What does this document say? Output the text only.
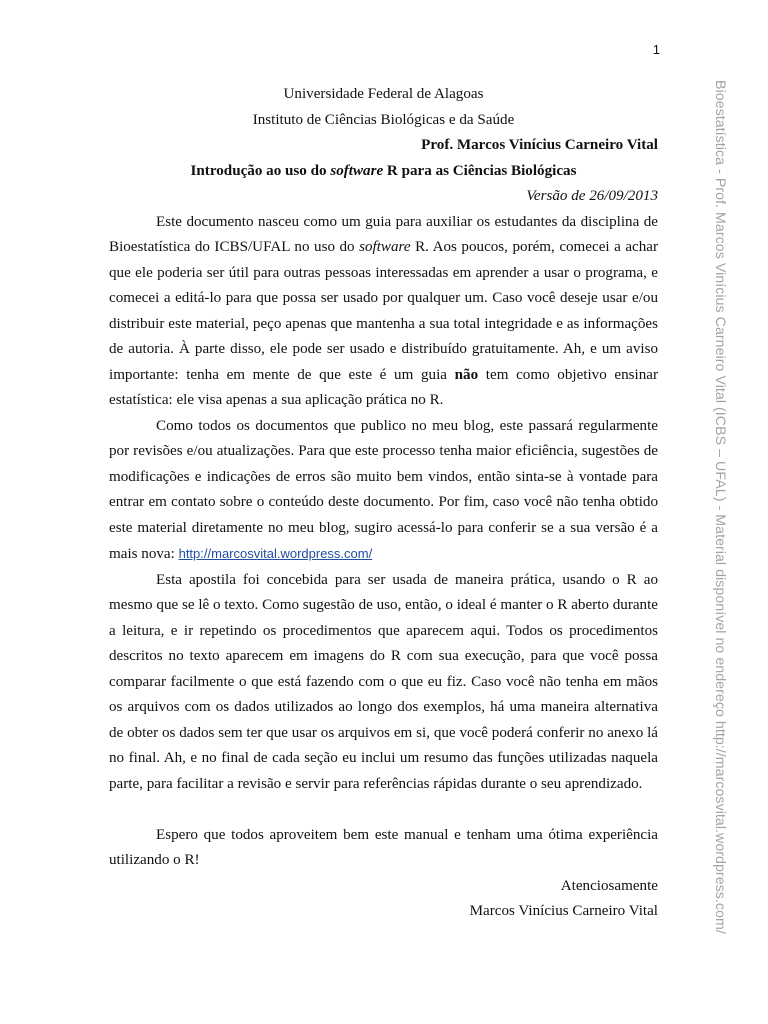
1

Universidade Federal de Alagoas

Instituto de Ciências Biológicas e da Saúde

Prof. Marcos Vinícius Carneiro Vital

Introdução ao uso do software R para as Ciências Biológicas

Versão de 26/09/2013

Este documento nasceu como um guia para auxiliar os estudantes da disciplina de Bioestatística do ICBS/UFAL no uso do software R. Aos poucos, porém, comecei a achar que ele poderia ser útil para outras pessoas interessadas em aprender a usar o programa, e comecei a editá-lo para que possa ser usado por qualquer um. Caso você deseje usar e/ou distribuir este material, peço apenas que mantenha a sua total integridade e as informações de autoria. À parte disso, ele pode ser usado e distribuído gratuitamente. Ah, e um aviso importante: tenha em mente de que este é um guia não tem como objetivo ensinar estatística: ele visa apenas a sua aplicação prática no R.

Como todos os documentos que publico no meu blog, este passará regularmente por revisões e/ou atualizações. Para que este processo tenha maior eficiência, sugestões de modificações e indicações de erros são muito bem vindos, então sinta-se à vontade para entrar em contato sobre o conteúdo deste documento. Por fim, caso você não tenha obtido este material diretamente no meu blog, sugiro acessá-lo para conferir se a sua versão é a mais nova: http://marcosvital.wordpress.com/

Esta apostila foi concebida para ser usada de maneira prática, usando o R ao mesmo que se lê o texto. Como sugestão de uso, então, o ideal é manter o R aberto durante a leitura, e ir repetindo os procedimentos que aparecem aqui. Todos os procedimentos descritos no texto aparecem em imagens do R com sua execução, para que você possa comparar facilmente o que está fazendo com o que eu fiz. Caso você não tenha em mãos os arquivos com os dados utilizados ao longo dos exemplos, há uma maneira alternativa de obter os dados sem ter que usar os arquivos em si, que você poderá conferir no anexo lá no final. Ah, e no final de cada seção eu inclui um resumo das funções utilizadas naquela parte, para facilitar a revisão e servir para referências rápidas durante o seu aprendizado.

Espero que todos aproveitem bem este manual e tenham uma ótima experiência utilizando o R!

Atenciosamente

Marcos Vinícius Carneiro Vital	Bioestatística - Prof. Marcos Vinícius Carneiro Vital (ICBS – UFAL) - Material disponível no endereço http://marcosvital.wordpress.com/
